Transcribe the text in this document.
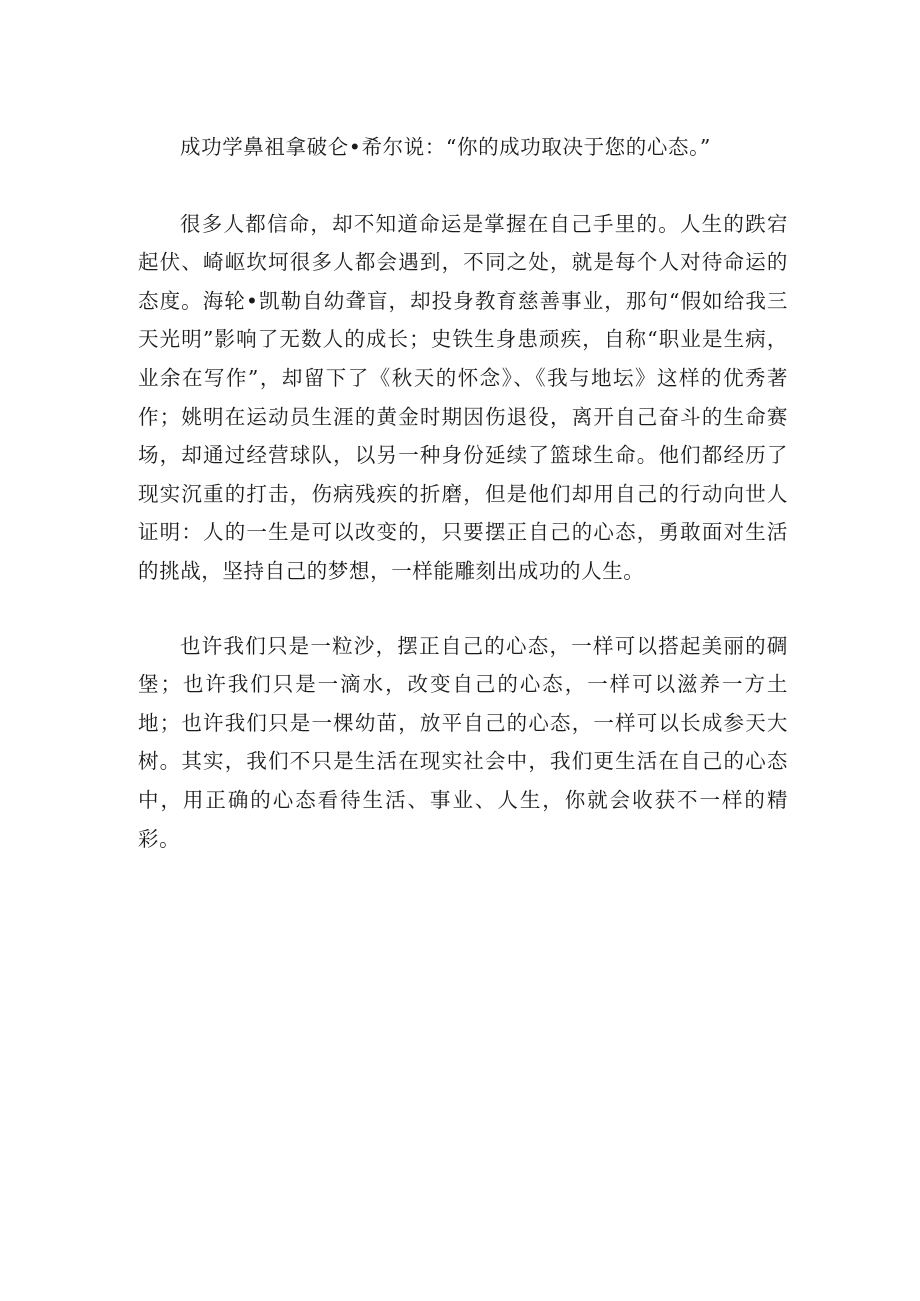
成功学鼻祖拿破仑•希尔说：“你的成功取决于您的心态。”

很多人都信命，却不知道命运是掌握在自己手里的。人生的跌宕起伏、崎岖坎坷很多人都会遇到，不同之处，就是每个人对待命运的态度。海轮•凯勒自幼聋盲，却投身教育慈善事业，那句“假如给我三天光明”影响了无数人的成长；史铁生身患顽疾，自称“职业是生病，业余在写作”，却留下了《秋天的怀念》、《我与地坛》这样的优秀著作；姚明在运动员生涯的黄金时期因伤退役，离开自己奋斗的生命赛场，却通过经营球队，以另一种身份延续了篮球生命。他们都经历了现实沉重的打击，伤病残疾的折磨，但是他们却用自己的行动向世人证明：人的一生是可以改变的，只要摆正自己的心态，勇敢面对生活的挑战，坚持自己的梦想，一样能雕刻出成功的人生。

也许我们只是一粒沙，摆正自己的心态，一样可以搭起美丽的碉堡；也许我们只是一滴水，改变自己的心态，一样可以滋养一方土地；也许我们只是一棵幼苗，放平自己的心态，一样可以长成参天大树。其实，我们不只是生活在现实社会中，我们更生活在自己的心态中，用正确的心态看待生活、事业、人生，你就会收获不一样的精彩。
